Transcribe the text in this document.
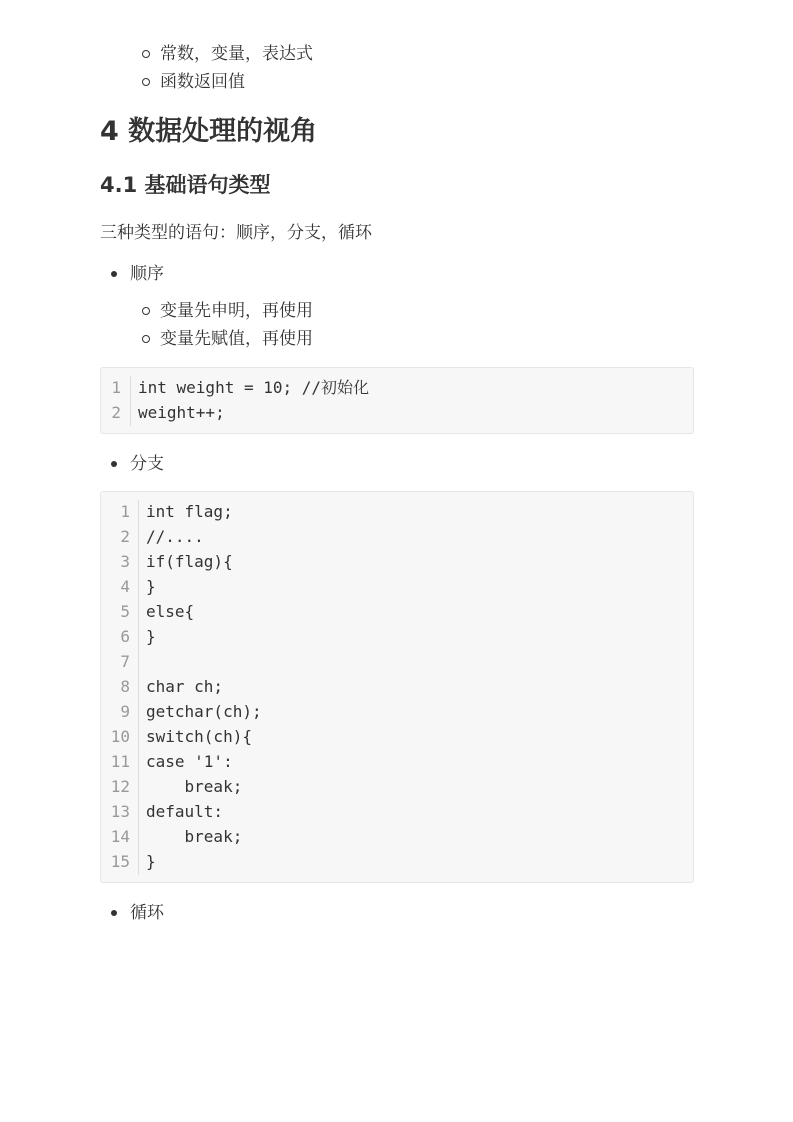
常数，变量，表达式
函数返回值
4 数据处理的视角
4.1 基础语句类型

三种类型的语句：顺序，分支，循环

顺序
变量先申明，再使用
变量先赋值，再使用
1 int weight = 10; //初始化
2 weight++;
分支
1 int flag;
2 //....
3 if(flag){
4 }
5 else{
6 }
7
8 char ch;
9 getchar(ch);
10 switch(ch){
11 case '1':
12 break;
13 default:
14 break;
15 }
循环
